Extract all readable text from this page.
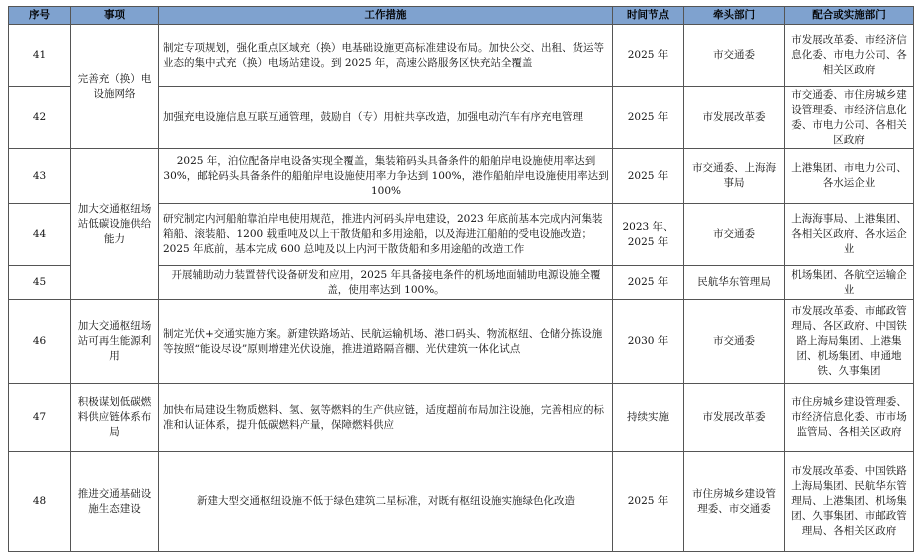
序号	事项	工作措施	时间节点	牵头部门	配合或实施部门
41	完善充（换）电设施网络	制定专项规划，强化重点区域充（换）电基础设施更高标准建设布局。加快公交、出租、货运等业态的集中式充（换）电场站建设。到 2025 年，高速公路服务区快充站全覆盖	2025 年	市交通委	市发展改革委、市经济信息化委、市电力公司、各相关区政府
42		加强充电设施信息互联互通管理，鼓励自（专）用桩共享改造，加强电动汽车有序充电管理	2025 年	市发展改革委	市交通委、市住房城乡建设管理委、市经济信息化委、市电力公司、各相关区政府
43	加大交通枢纽场站低碳设施供给能力	2025 年，泊位配备岸电设备实现全覆盖，集装箱码头具备条件的船舶岸电设施使用率达到 30%，邮轮码头具备条件的船舶岸电设施使用率力争达到 100%，港作船舶岸电设施使用率达到 100%	2025 年	市交通委、上海海事局	上港集团、市电力公司、各水运企业
44		研究制定内河船舶靠泊岸电使用规范，推进内河码头岸电建设，2023 年底前基本完成内河集装箱船、滚装船、1200 载重吨及以上干散货船和多用途船，以及海进江船舶的受电设施改造；2025 年底前，基本完成 600 总吨及以上内河干散货船和多用途船的改造工作	2023 年、2025 年	市交通委	上海海事局、上港集团、各相关区政府、各水运企业
45		开展辅助动力装置替代设备研发和应用，2025 年具备接电条件的机场地面辅助电源设施全覆盖，使用率达到 100%。	2025 年	民航华东管理局	机场集团、各航空运输企业
46	加大交通枢纽场站可再生能源利用	制定光伏+交通实施方案。新建铁路场站、民航运输机场、港口码头、物流枢纽、仓储分拣设施等按照“能设尽设”原则增建光伏设施，推进道路隔音棚、光伏建筑一体化试点	2030 年	市交通委	市发展改革委、市邮政管理局、各区政府、中国铁路上海局集团、上港集团、机场集团、申通地铁、久事集团
47	积极谋划低碳燃料供应链体系布局	加快布局建设生物质燃料、氢、氨等燃料的生产供应链，适度超前布局加注设施，完善相应的标准和认证体系，提升低碳燃料产量，保障燃料供应	持续实施	市发展改革委	市住房城乡建设管理委、市经济信息化委、市市场监管局、各相关区政府
48	推进交通基础设施生态建设	新建大型交通枢纽设施不低于绿色建筑二星标准，对既有枢纽设施实施绿色化改造	2025 年	市住房城乡建设管理委、市交通委	市发展改革委、中国铁路上海局集团、民航华东管理局、上港集团、机场集团、久事集团、市邮政管理局、各相关区政府
